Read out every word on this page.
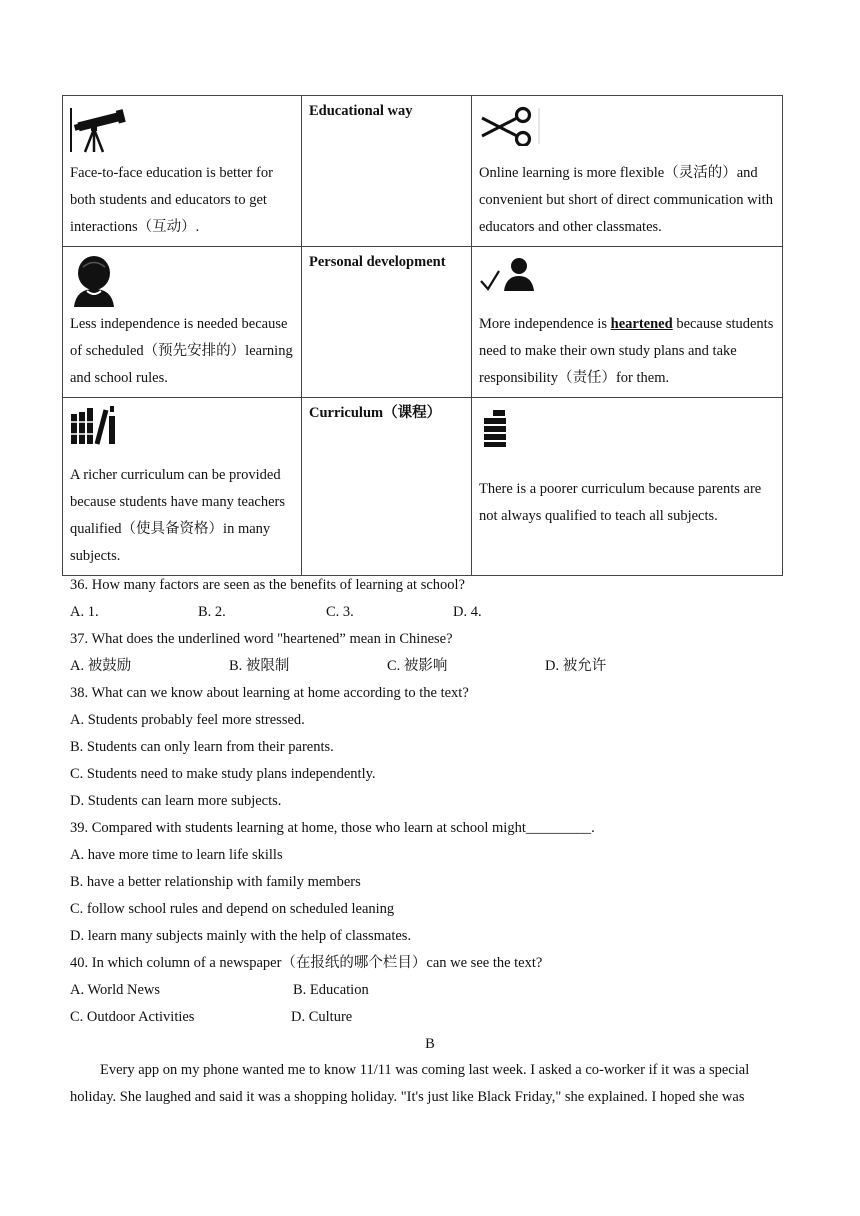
Face-to-face education is better for both students and educators to get interactions（互动）.	Educational way	Online learning is more flexible（灵活的）and convenient but short of direct communication with educators and other classmates.

Less independence is needed because of scheduled（预先安排的）learning and school rules.	Personal development	More independence is heartened because students need to make their own study plans and take responsibility（责任）for them.

A richer curriculum can be provided because students have many teachers qualified（使具备资格）in many subjects.	Curriculum（课程）	There is a poorer curriculum because parents are not always qualified to teach all subjects.
36. How many factors are seen as the benefits of learning at school?
A. 1.	B. 2.	C. 3.	D. 4.
37. What does the underlined word "heartened” mean in Chinese?
A. 被鼓励	B. 被限制	C. 被影响	D. 被允许
38. What can we know about learning at home according to the text?
A. Students probably feel more stressed.
B. Students can only learn from their parents.
C. Students need to make study plans independently.
D. Students can learn more subjects.
39. Compared with students learning at home, those who learn at school might_________.
A. have more time to learn life skills
B. have a better relationship with family members
C. follow school rules and depend on scheduled leaning
D. learn many subjects mainly with the help of classmates.
40. In which column of a newspaper（在报纸的哪个栏目）can we see the text?
A. World News	B. Education
C. Outdoor Activities	D. Culture
B
Every app on my phone wanted me to know 11/11 was coming last week. I asked a co-worker if it was a special
holiday. She laughed and said it was a shopping holiday. "It's just like Black Friday," she explained. I hoped she was
